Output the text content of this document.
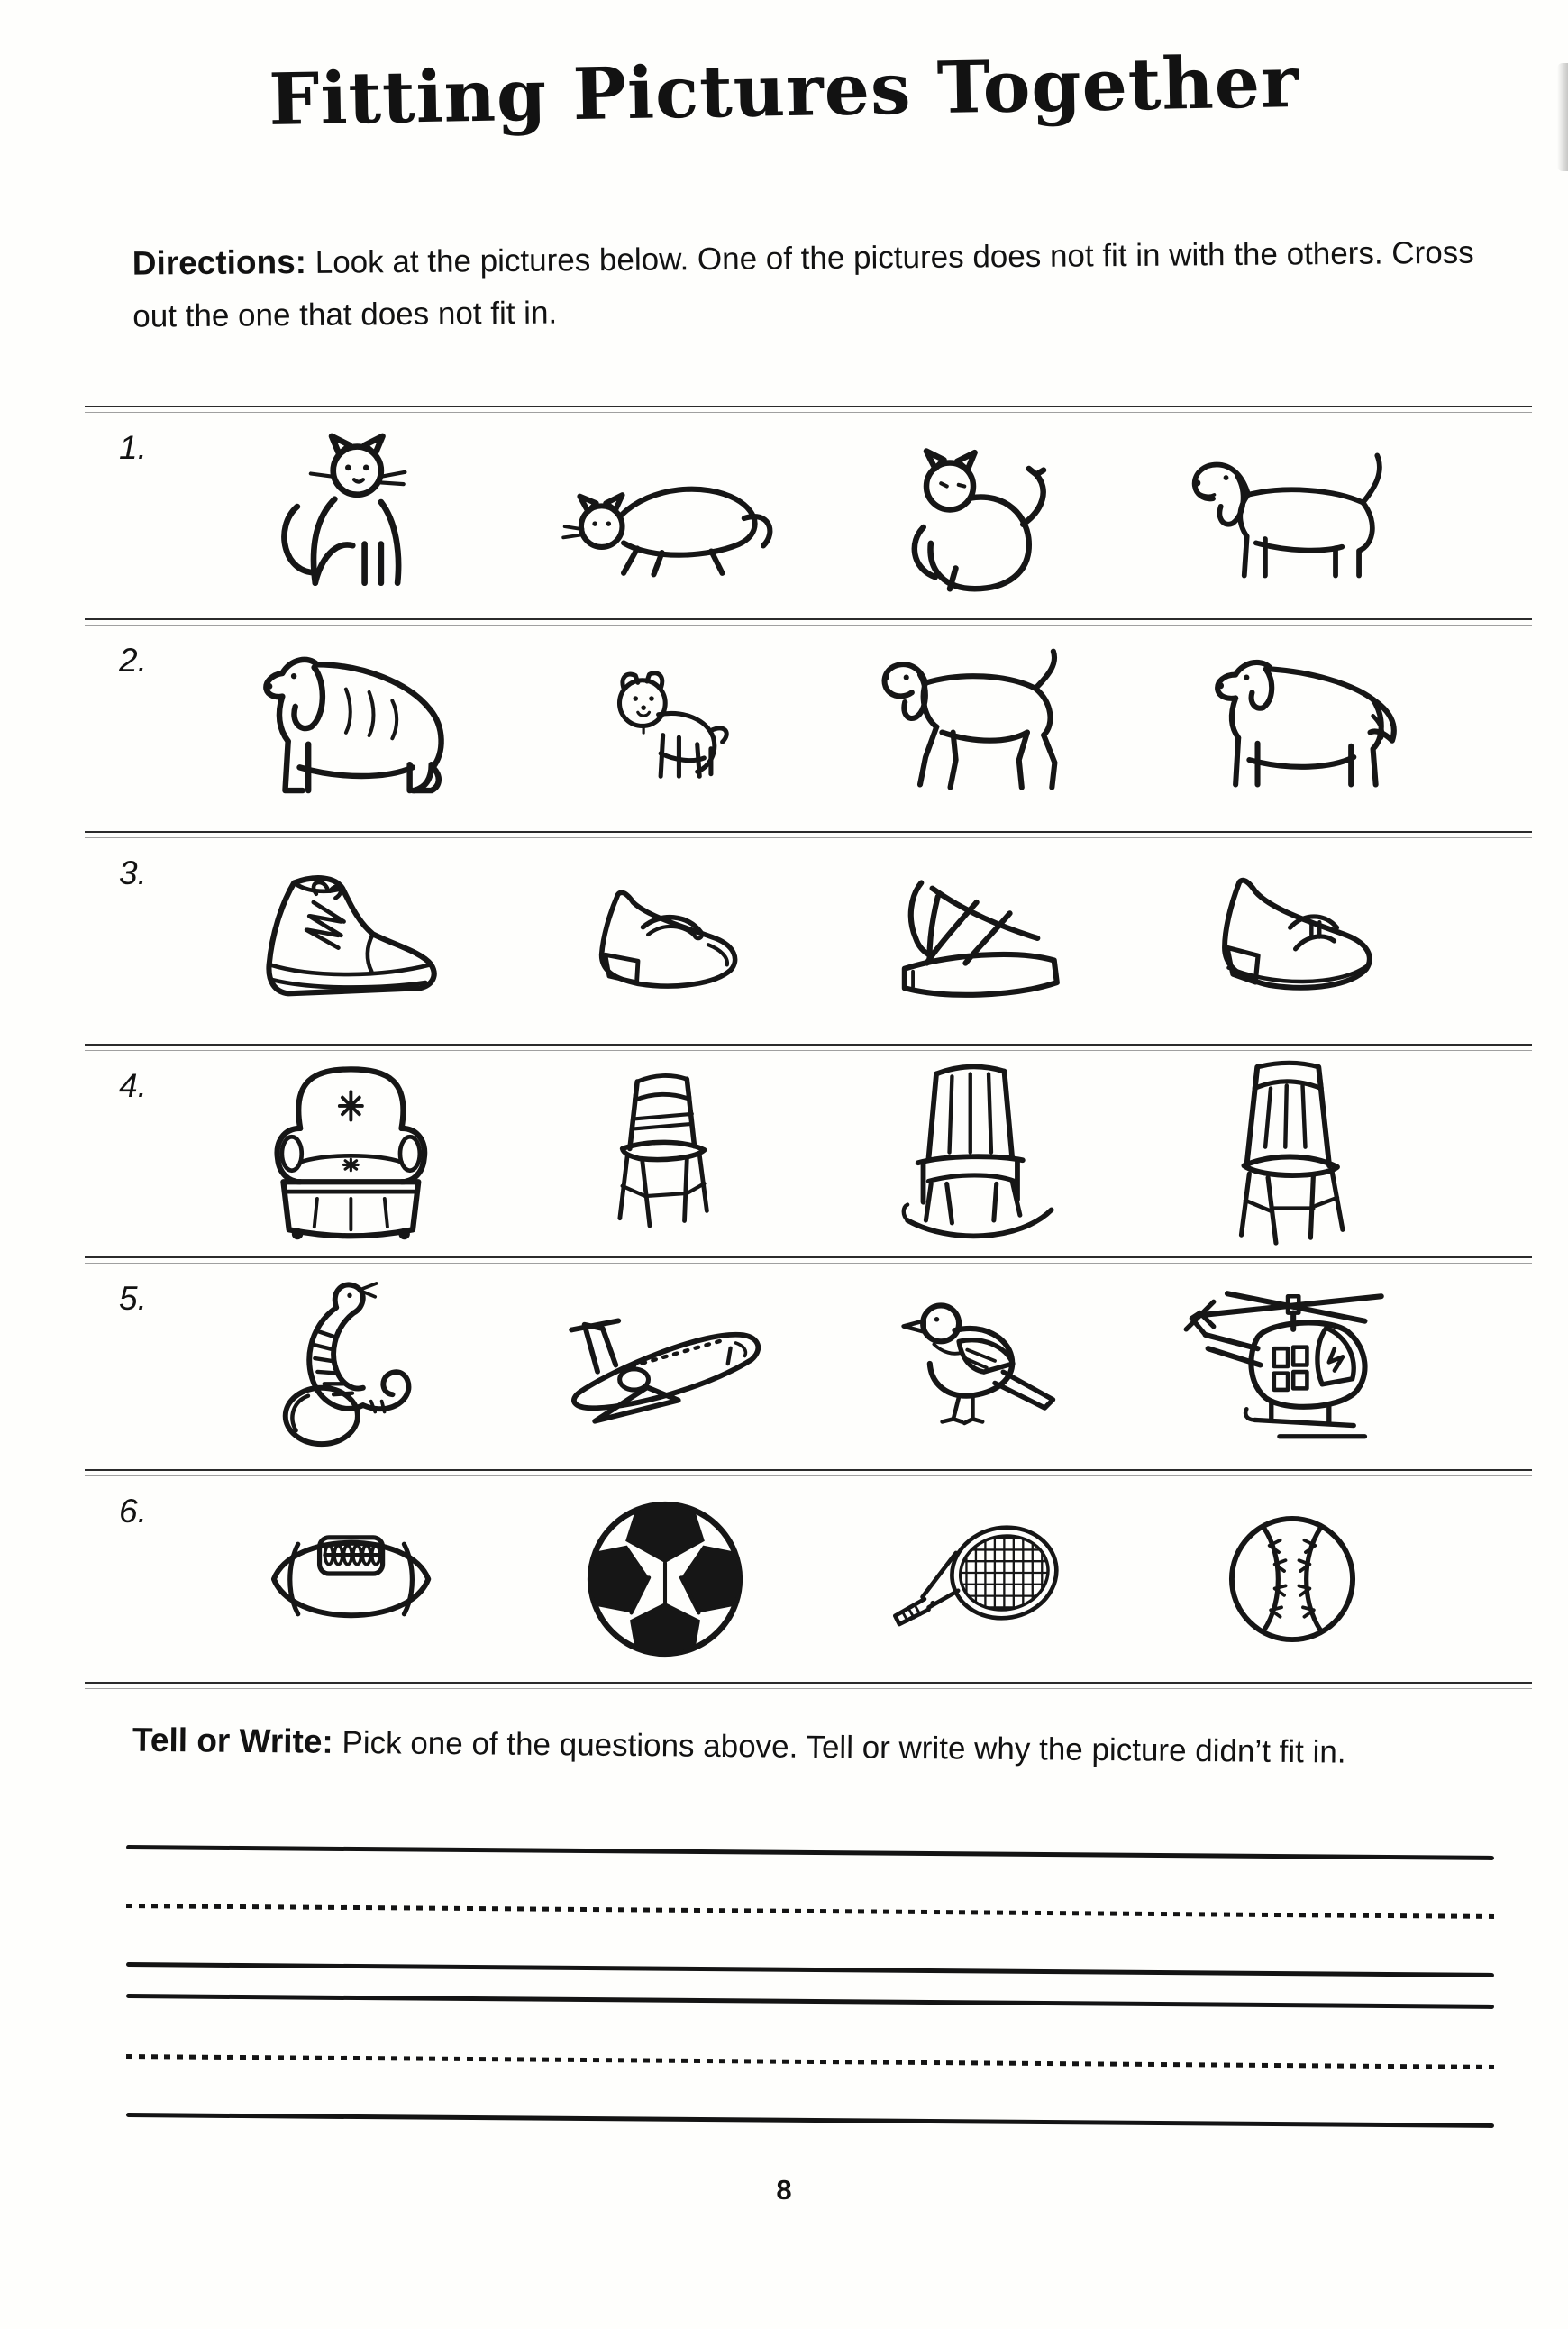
Fitting Pictures Together

Directions: Look at the pictures below. One of the pictures does not fit in with the others. Cross out the one that does not fit in.

1.
2.
3.
4.
5.
6.

Tell or Write: Pick one of the questions above. Tell or write why the picture didn’t fit in.

8
